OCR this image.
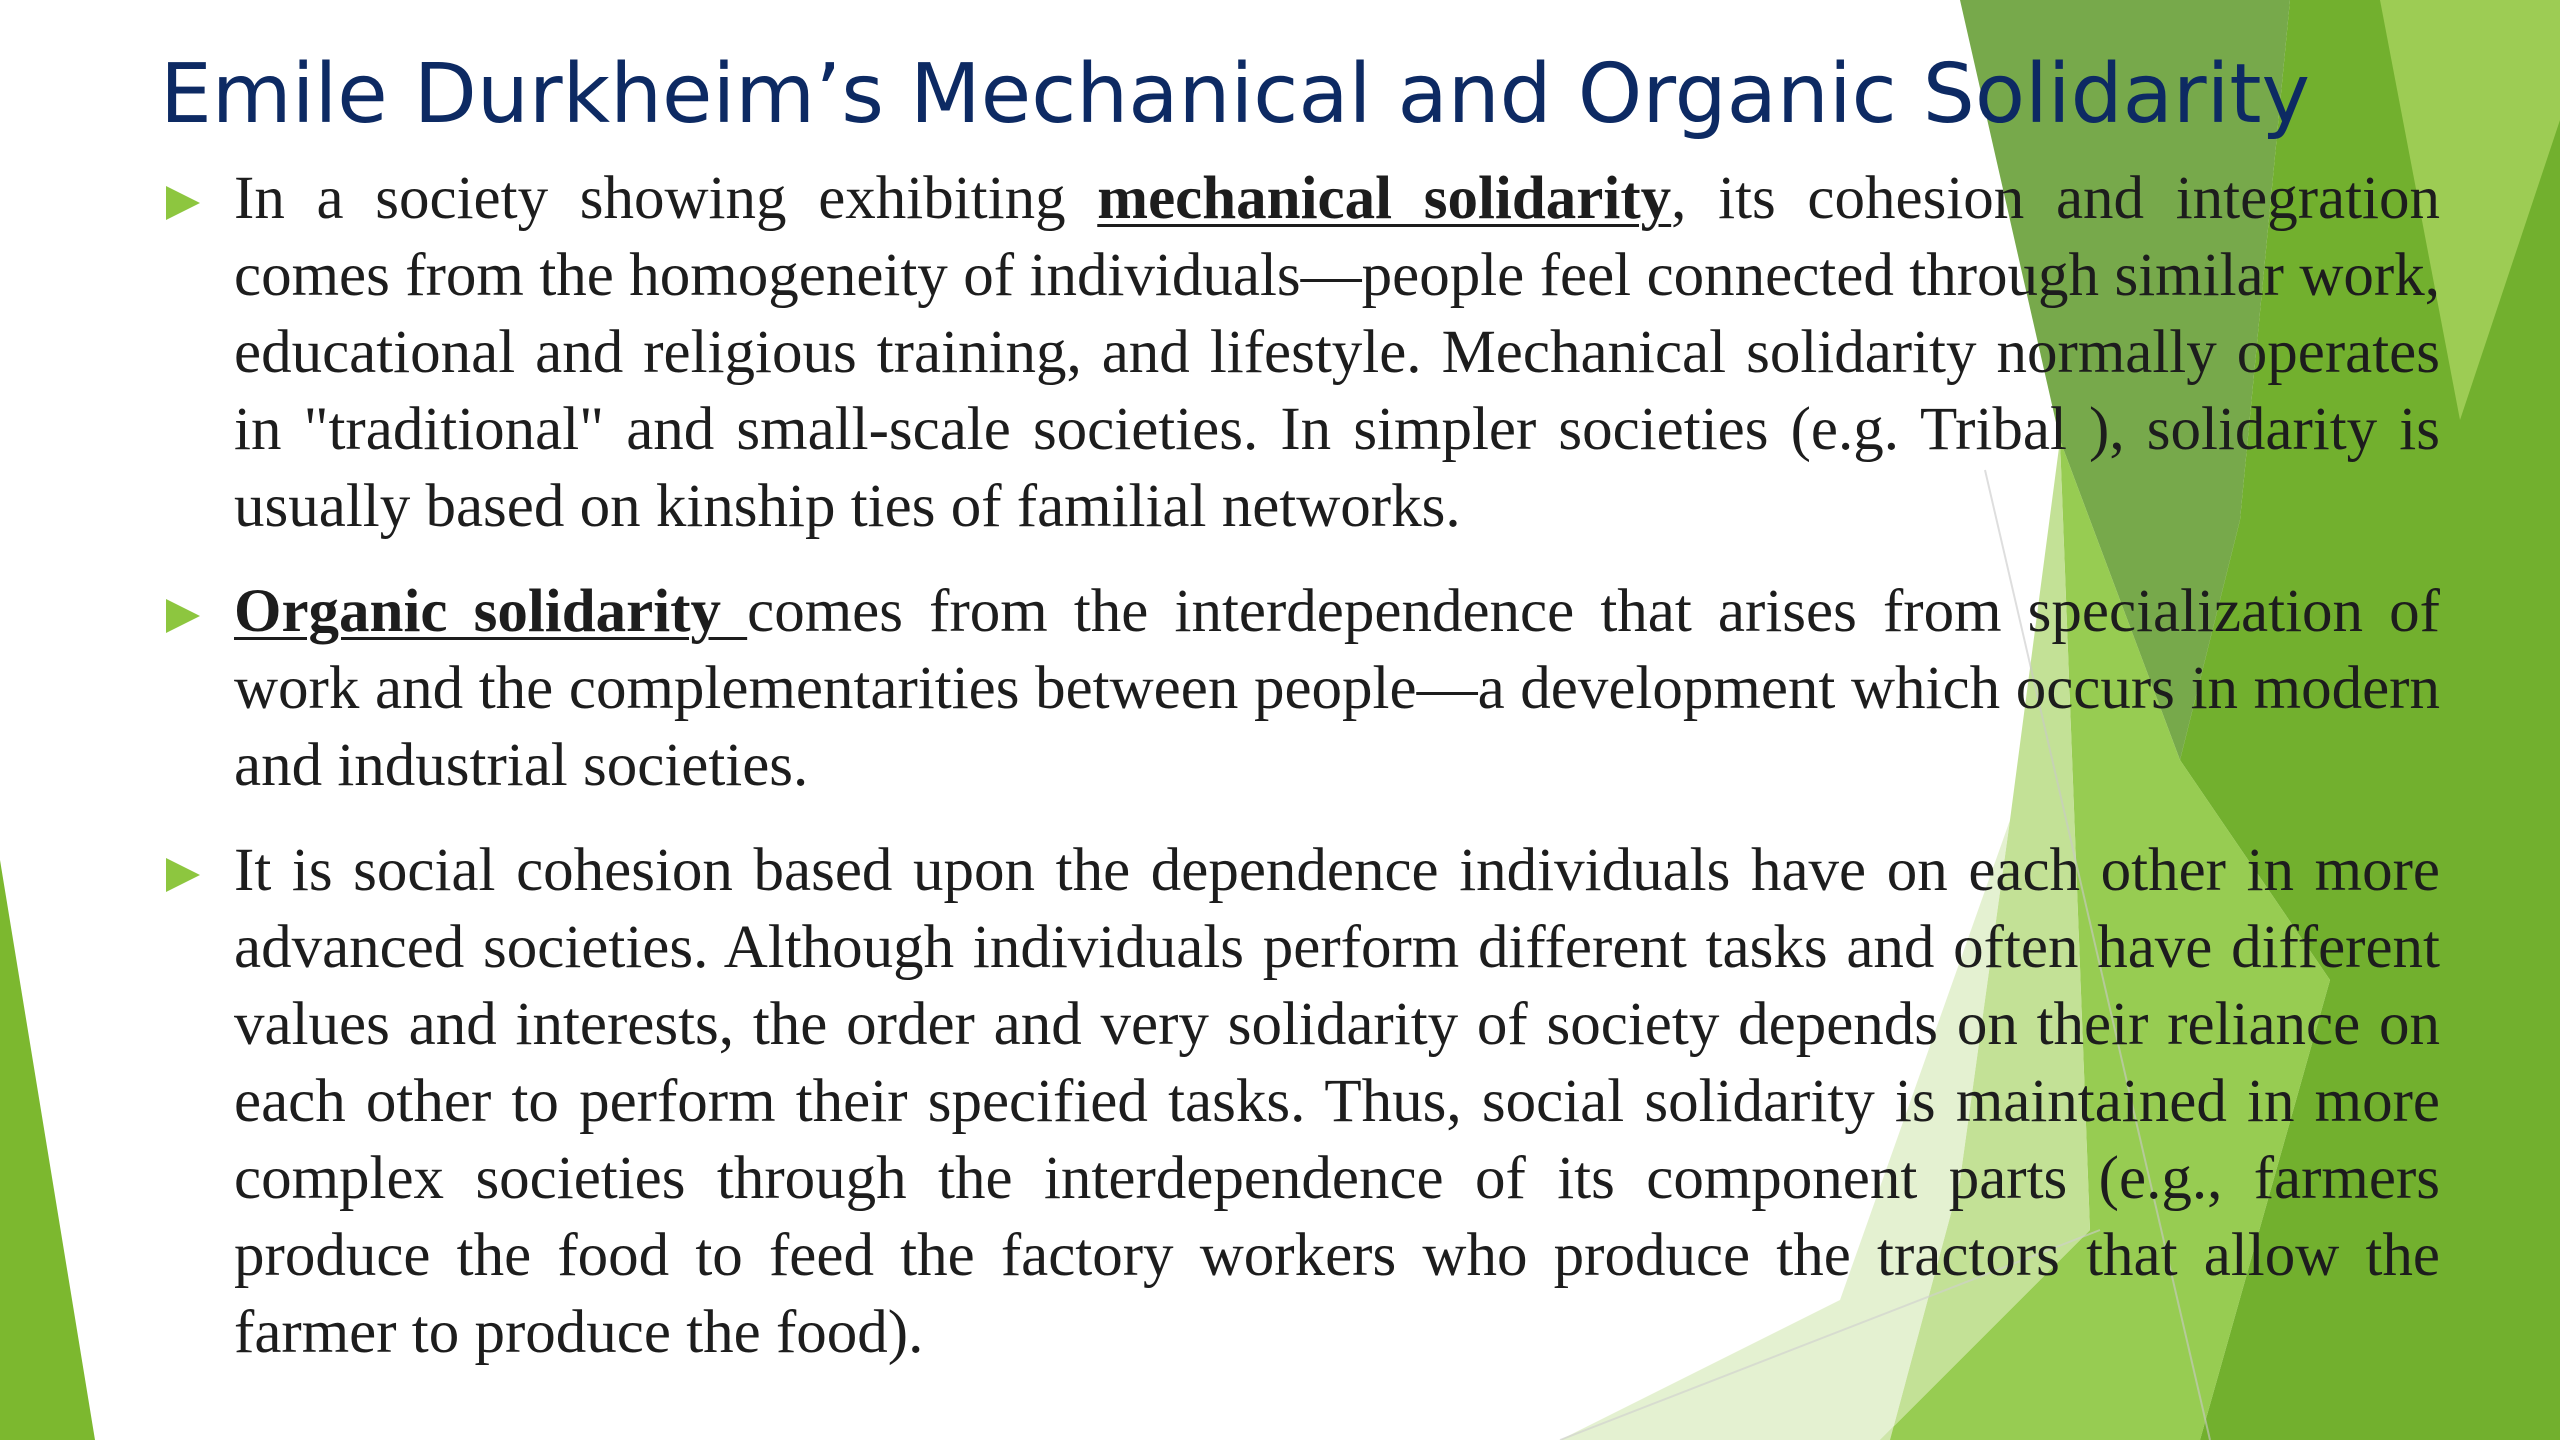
Emile Durkheim’s Mechanical and Organic Solidarity
In a society showing exhibiting mechanical solidarity, its cohesion and integration comes from the homogeneity of individuals—people feel connected through similar work, educational and religious training, and lifestyle. Mechanical solidarity normally operates in "traditional" and small-scale societies. In simpler societies (e.g. Tribal ), solidarity is usually based on kinship ties of familial networks.
Organic solidarity comes from the interdependence that arises from specialization of work and the complementarities between people—a development which occurs in modern and industrial societies.
It is social cohesion based upon the dependence individuals have on each other in more advanced societies. Although individuals perform different tasks and often have different values and interests, the order and very solidarity of society depends on their reliance on each other to perform their specified tasks. Thus, social solidarity is maintained in more complex societies through the interdependence of its component parts (e.g., farmers produce the food to feed the factory workers who produce the tractors that allow the farmer to produce the food).
